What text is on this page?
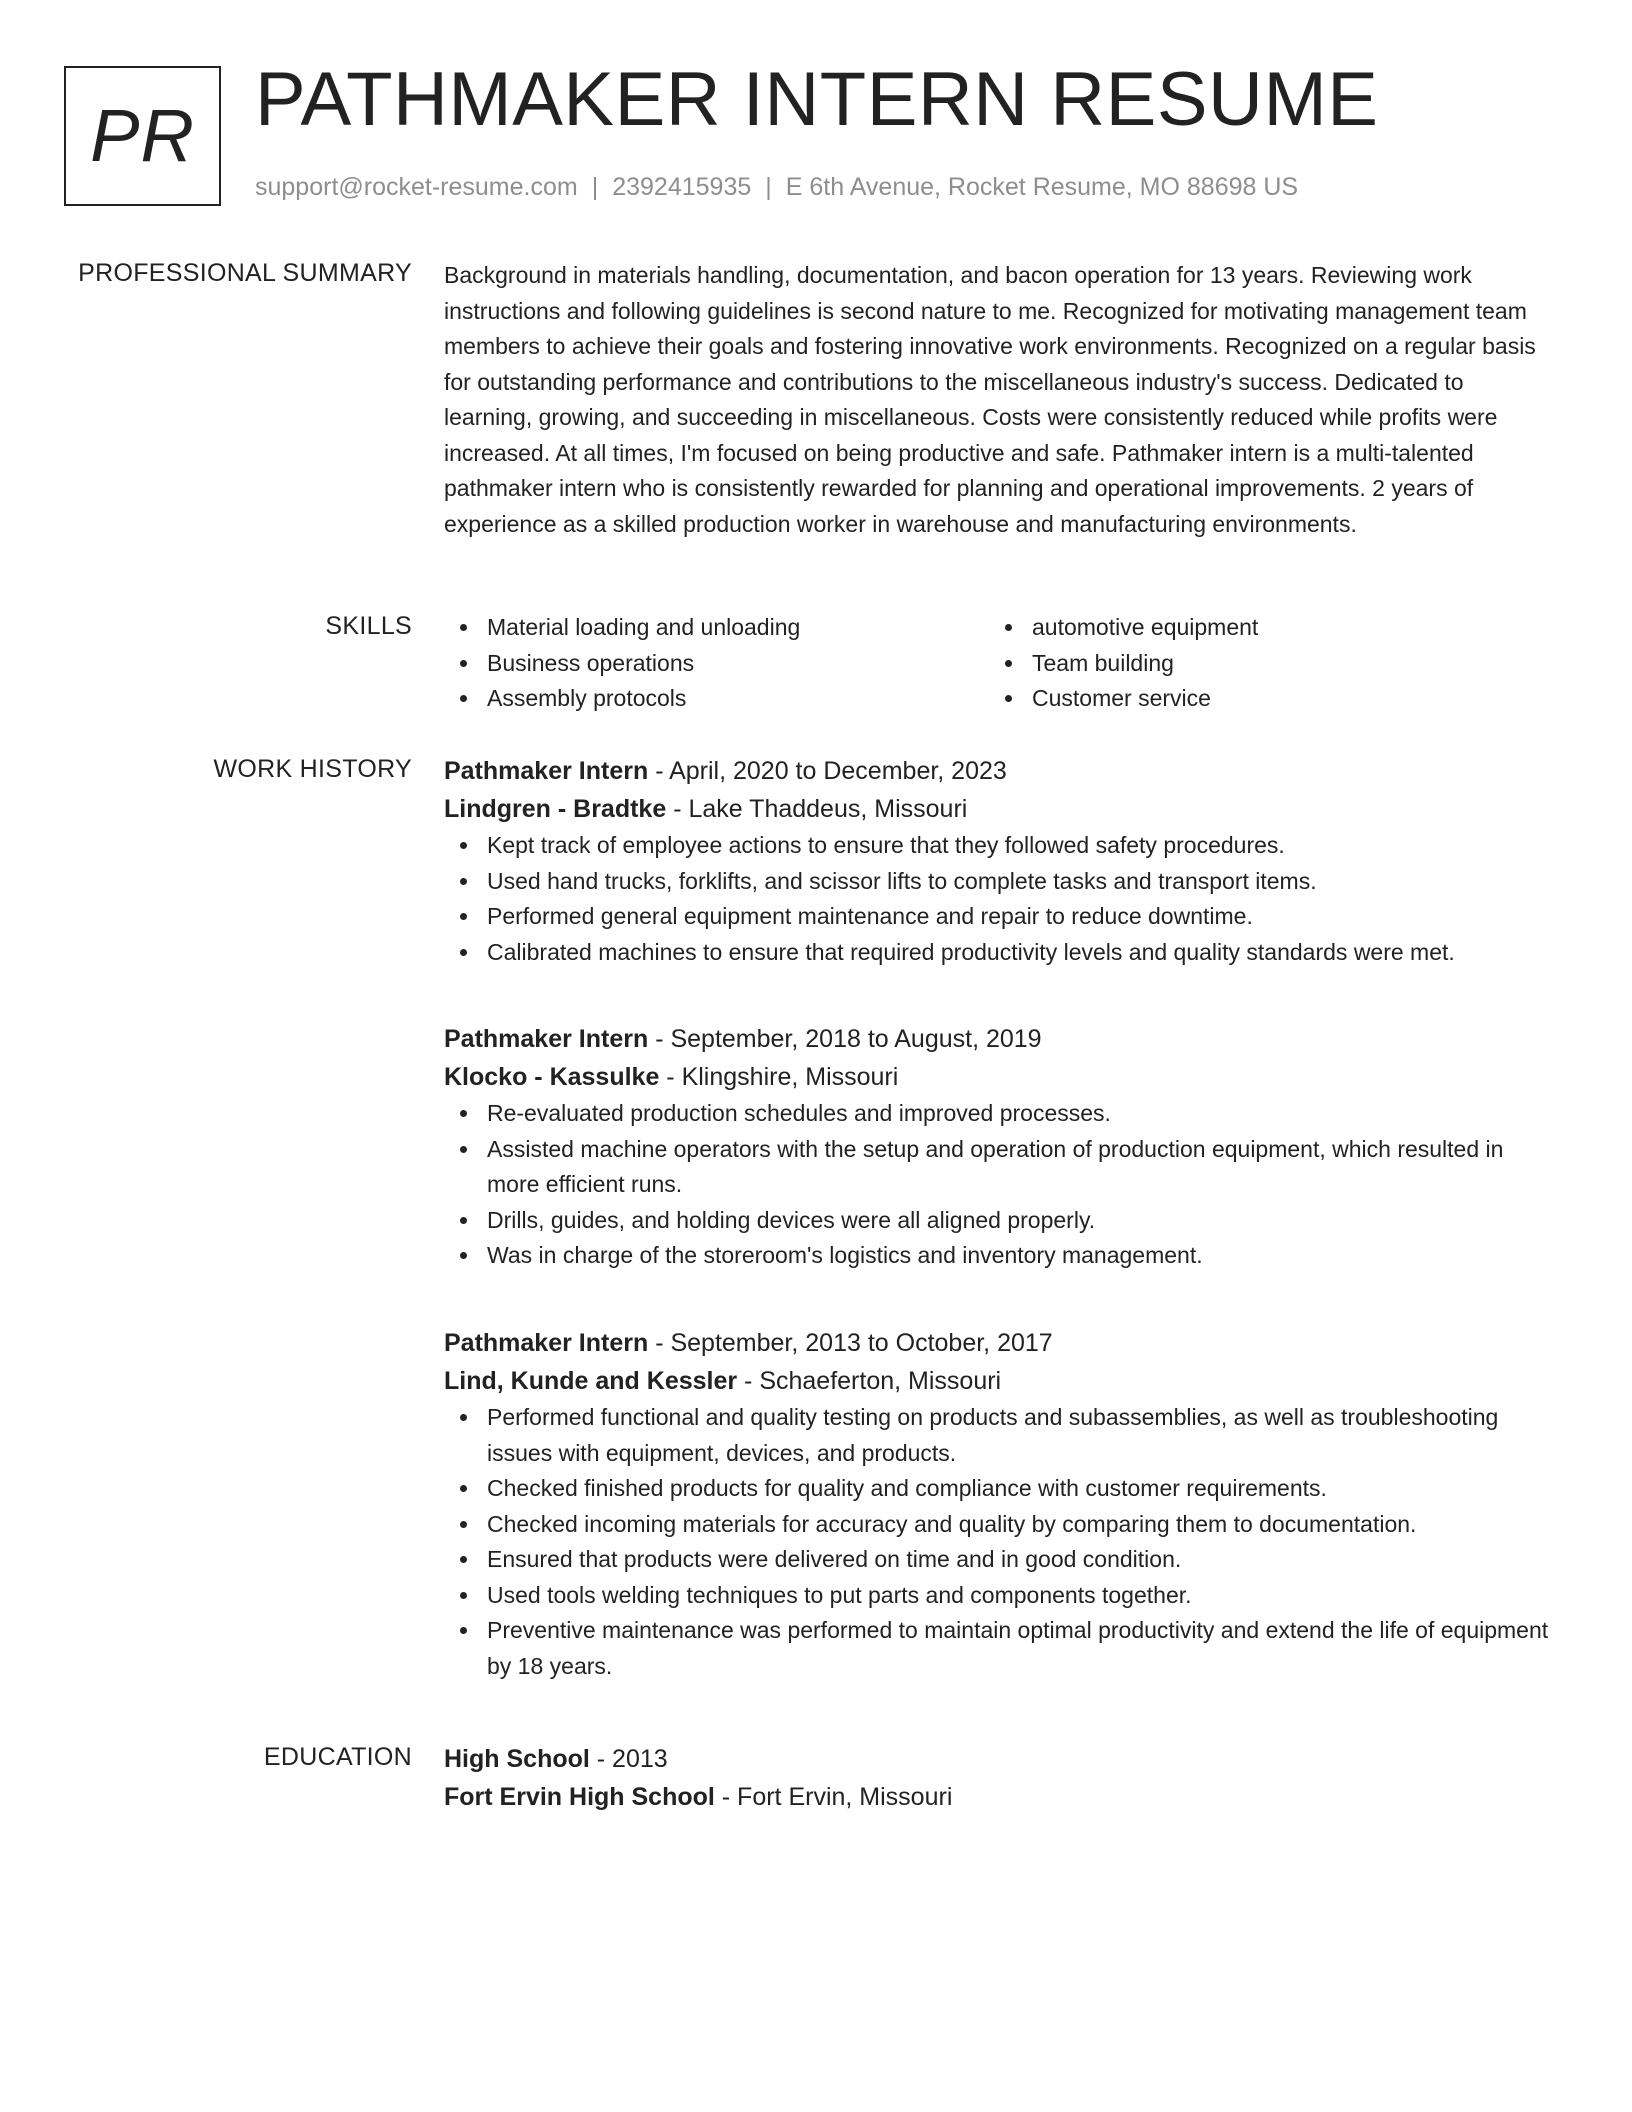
PR PATHMAKER INTERN RESUME
support@rocket-resume.com | 2392415935 | E 6th Avenue, Rocket Resume, MO 88698 US
PROFESSIONAL SUMMARY Background in materials handling, documentation, and bacon operation for 13 years. Reviewing work instructions and following guidelines is second nature to me. Recognized for motivating management team members to achieve their goals and fostering innovative work environments. Recognized on a regular basis for outstanding performance and contributions to the miscellaneous industry's success. Dedicated to learning, growing, and succeeding in miscellaneous. Costs were consistently reduced while profits were increased. At all times, I'm focused on being productive and safe. Pathmaker intern is a multi-talented pathmaker intern who is consistently rewarded for planning and operational improvements. 2 years of experience as a skilled production worker in warehouse and manufacturing environments.

SKILLS	Material loading and unloading
Business operations
Assembly protocols
automotive equipment
Team building
Customer service
WORK HISTORY Pathmaker Intern - April, 2020 to December, 2023
Lindgren - Bradtke - Lake Thaddeus, Missouri
Kept track of employee actions to ensure that they followed safety procedures.
Used hand trucks, forklifts, and scissor lifts to complete tasks and transport items.
Performed general equipment maintenance and repair to reduce downtime.
Calibrated machines to ensure that required productivity levels and quality standards were met.
Pathmaker Intern - September, 2018 to August, 2019
Klocko - Kassulke - Klingshire, Missouri
Re-evaluated production schedules and improved processes.
Assisted machine operators with the setup and operation of production equipment, which resulted in more efficient runs.
Drills, guides, and holding devices were all aligned properly.
Was in charge of the storeroom's logistics and inventory management.
Pathmaker Intern - September, 2013 to October, 2017
Lind, Kunde and Kessler - Schaeferton, Missouri
Performed functional and quality testing on products and subassemblies, as well as troubleshooting issues with equipment, devices, and products.
Checked finished products for quality and compliance with customer requirements.
Checked incoming materials for accuracy and quality by comparing them to documentation.
Ensured that products were delivered on time and in good condition.
Used tools welding techniques to put parts and components together.
Preventive maintenance was performed to maintain optimal productivity and extend the life of equipment by 18 years.
EDUCATION High School - 2013
Fort Ervin High School - Fort Ervin, Missouri
